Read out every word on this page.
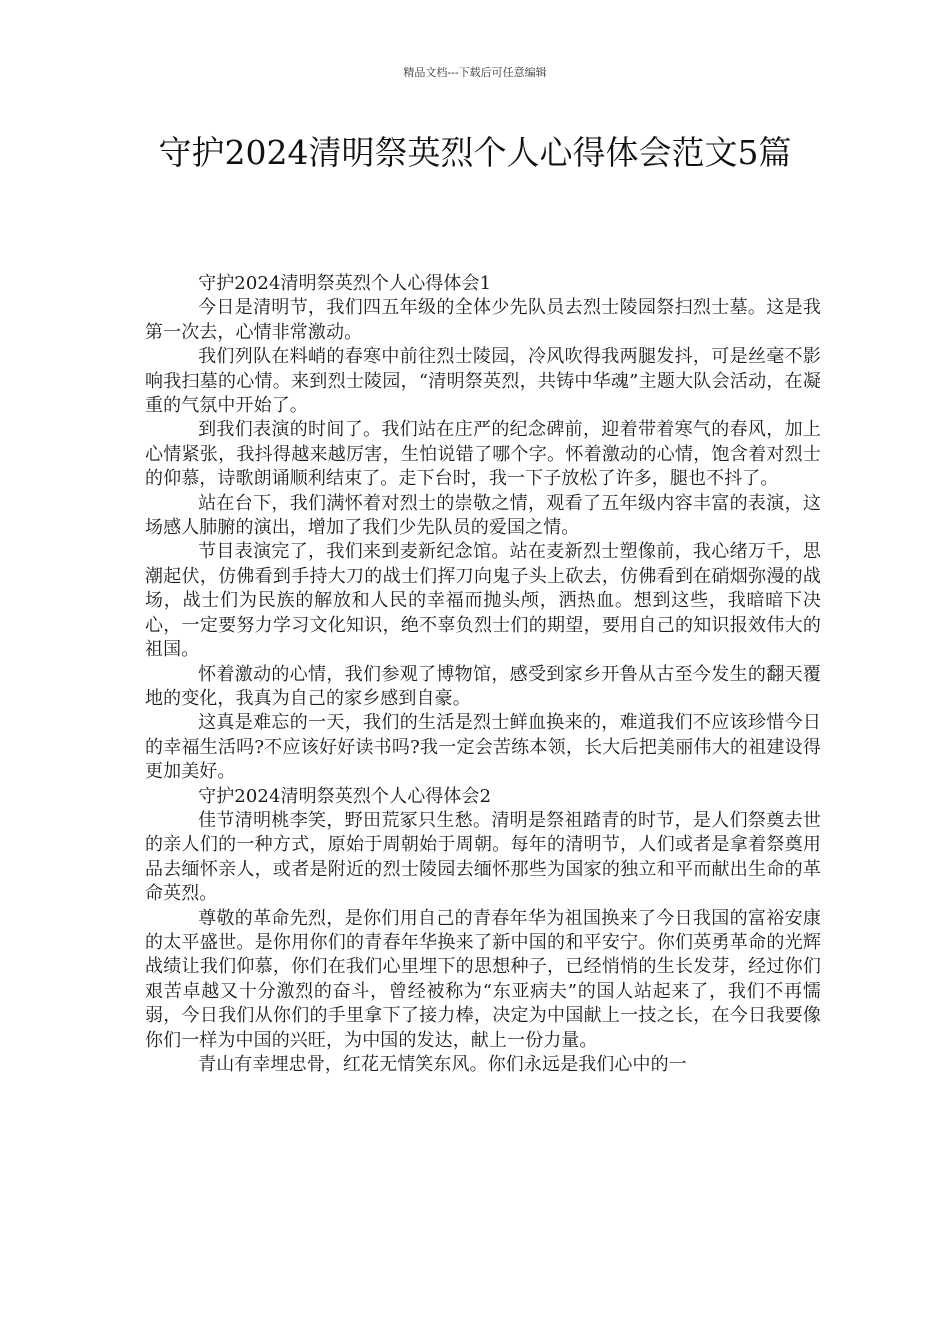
精品文档---下载后可任意编辑
守护2024清明祭英烈个人心得体会范文5篇

守护2024清明祭英烈个人心得体会1

今日是清明节，我们四五年级的全体少先队员去烈士陵园祭扫烈士墓。这是我第一次去，心情非常激动。

我们列队在料峭的春寒中前往烈士陵园，冷风吹得我两腿发抖，可是丝毫不影响我扫墓的心情。来到烈士陵园，“清明祭英烈，共铸中华魂”主题大队会活动，在凝重的气氛中开始了。

到我们表演的时间了。我们站在庄严的纪念碑前，迎着带着寒气的春风，加上心情紧张，我抖得越来越厉害，生怕说错了哪个字。怀着激动的心情，饱含着对烈士的仰慕，诗歌朗诵顺利结束了。走下台时，我一下子放松了许多，腿也不抖了。

站在台下，我们满怀着对烈士的崇敬之情，观看了五年级内容丰富的表演，这场感人肺腑的演出，增加了我们少先队员的爱国之情。

节目表演完了，我们来到麦新纪念馆。站在麦新烈士塑像前，我心绪万千，思潮起伏，仿佛看到手持大刀的战士们挥刀向鬼子头上砍去，仿佛看到在硝烟弥漫的战场，战士们为民族的解放和人民的幸福而抛头颅，洒热血。想到这些，我暗暗下决心，一定要努力学习文化知识，绝不辜负烈士们的期望，要用自己的知识报效伟大的祖国。

怀着激动的心情，我们参观了博物馆，感受到家乡开鲁从古至今发生的翻天覆地的变化，我真为自己的家乡感到自豪。

这真是难忘的一天，我们的生活是烈士鲜血换来的，难道我们不应该珍惜今日的幸福生活吗?不应该好好读书吗?我一定会苦练本领，长大后把美丽伟大的祖建设得更加美好。

守护2024清明祭英烈个人心得体会2

佳节清明桃李笑，野田荒冢只生愁。清明是祭祖踏青的时节，是人们祭奠去世的亲人们的一种方式，原始于周朝始于周朝。每年的清明节，人们或者是拿着祭奠用品去缅怀亲人，或者是附近的烈士陵园去缅怀那些为国家的独立和平而献出生命的革命英烈。

尊敬的革命先烈，是你们用自己的青春年华为祖国换来了今日我国的富裕安康的太平盛世。是你用你们的青春年华换来了新中国的和平安宁。你们英勇革命的光辉战绩让我们仰慕，你们在我们心里埋下的思想种子，已经悄悄的生长发芽，经过你们艰苦卓越又十分激烈的奋斗，曾经被称为“东亚病夫”的国人站起来了，我们不再懦弱，今日我们从你们的手里拿下了接力棒，决定为中国献上一技之长，在今日我要像你们一样为中国的兴旺，为中国的发达，献上一份力量。

青山有幸埋忠骨，红花无情笑东风。你们永远是我们心中的一
